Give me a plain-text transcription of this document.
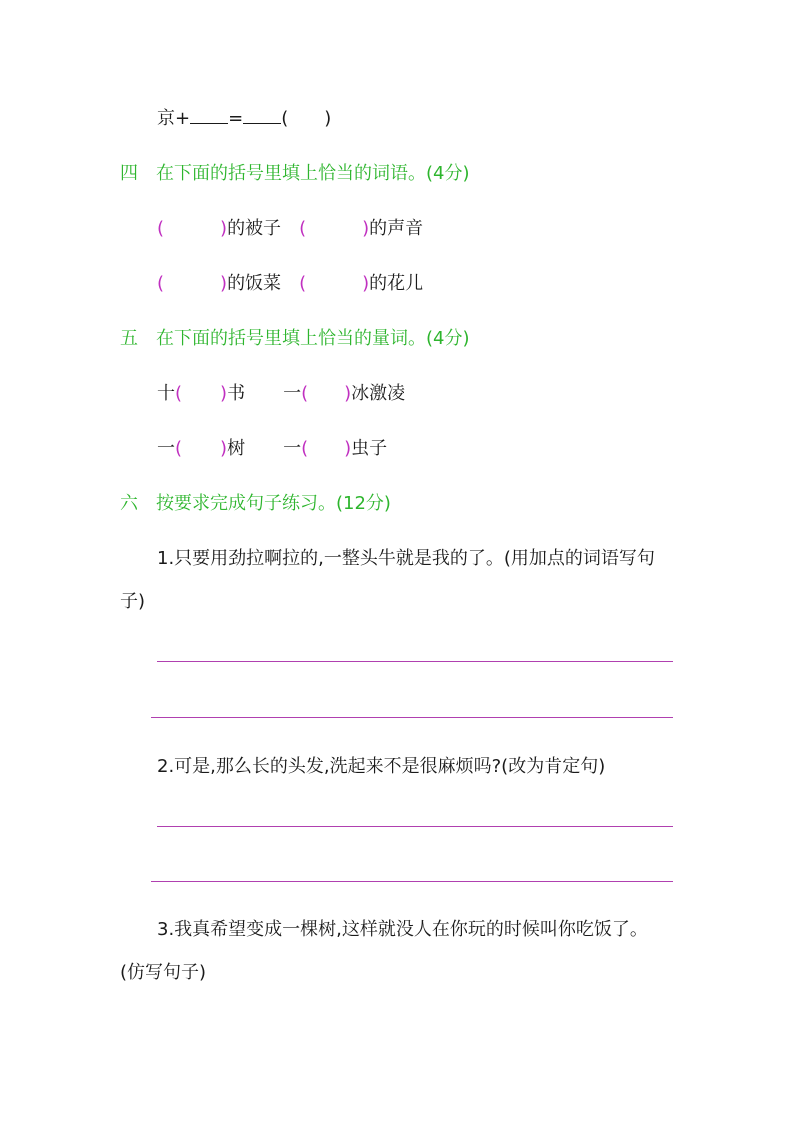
京+ = ( )
四　在下面的括号里填上恰当的词语。(4分)
(	)的被子 (	)的声音
(	)的饭菜 (	)的花儿
五　在下面的括号里填上恰当的量词。(4分)
十( )书 一( )冰激凌
一( )树 一( )虫子
六　按要求完成句子练习。(12分)
1.只要用劲拉啊拉的,一整头牛就是我的了。(用加点的词语写句
子)
2.可是,那么长的头发,洗起来不是很麻烦吗?(改为肯定句)
3.我真希望变成一棵树,这样就没人在你玩的时候叫你吃饭了。
(仿写句子)
